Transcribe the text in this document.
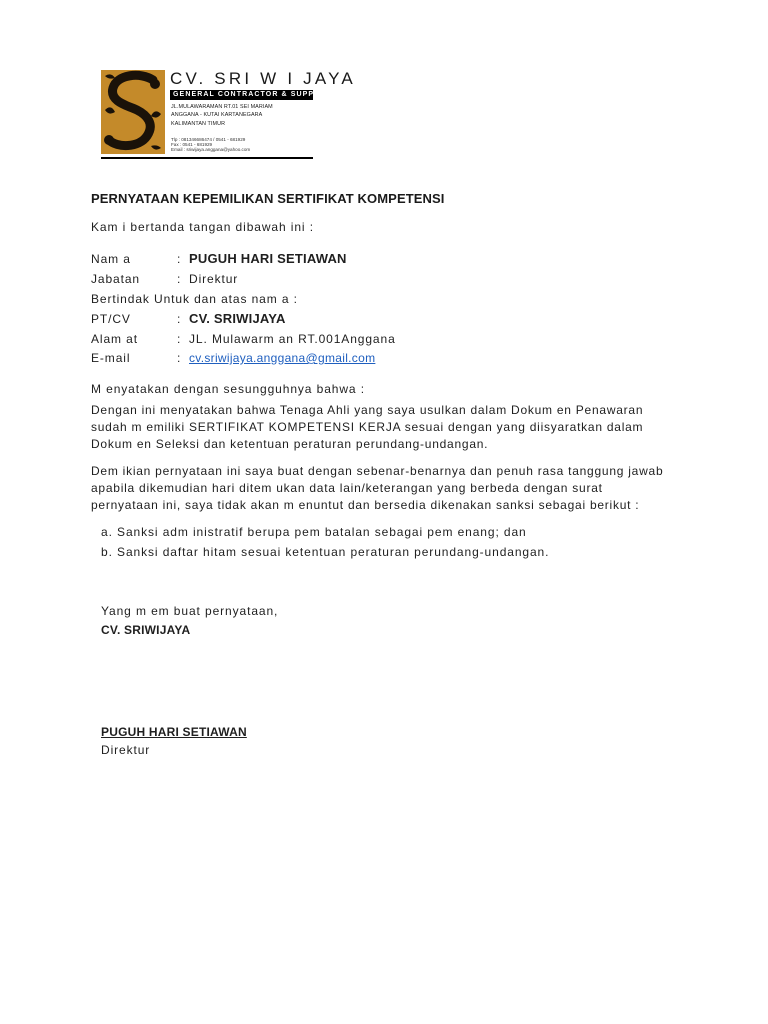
CV. SRI W I JAYA
GENERAL CONTRACTOR & SUPPLIER
JL.MULAWARAMAN RT.01 SEI MARIAM
ANGGANA - KUTAI KARTANEGARA
KALIMANTAN TIMUR
Tlp : 081346686474 / 0541 - 681929
Fax : 0541 - 681929
Email : sriwijaya.anggana@yahoo.com
PERNYATAAN KEPEMILIKAN SERTIFIKAT KOMPETENSI
Kam i bertanda tangan dibawah ini :
Nam a	: PUGUH HARI SETIAWAN
Jabatan	: Direktur
Bertindak Untuk dan atas nam a :
PT/CV	: CV. SRIWIJAYA
Alam at	: JL. Mulawarm an RT.001Anggana
E-mail	: cv.sriwijaya.anggana@gmail.com
M enyatakan dengan sesungguhnya bahwa :
Dengan ini menyatakan bahwa Tenaga Ahli yang saya usulkan dalam Dokum en Penawaran
sudah m emiliki SERTIFIKAT KOMPETENSI KERJA sesuai dengan yang diisyaratkan dalam
Dokum en Seleksi dan ketentuan peraturan perundang-undangan.
Dem ikian pernyataan ini saya buat dengan sebenar-benarnya dan penuh rasa tanggung jawab
apabila dikemudian hari ditem ukan data lain/keterangan yang berbeda dengan surat
pernyataan ini, saya tidak akan m enuntut dan bersedia dikenakan sanksi sebagai berikut :
a. Sanksi adm inistratif berupa pem batalan sebagai pem enang; dan
b. Sanksi daftar hitam sesuai ketentuan peraturan perundang-undangan.
Yang m em buat pernyataan,
CV. SRIWIJAYA
PUGUH HARI SETIAWAN
Direktur
